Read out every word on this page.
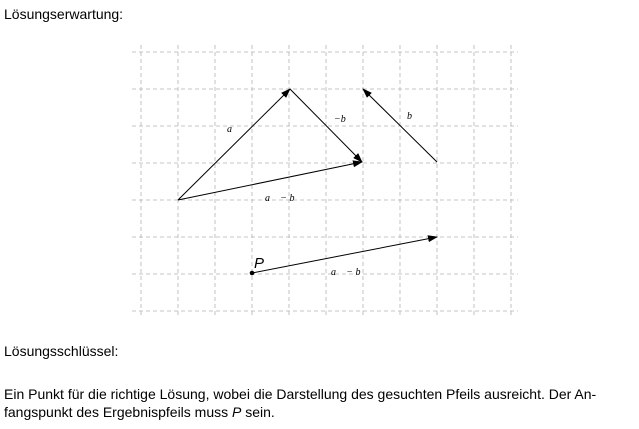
Lösungserwartung:
a⃗
−b⃗	b⃗
a⃗ − b⃗
a⃗ − b⃗
P
Lösungsschlüssel:
Ein Punkt für die richtige Lösung, wobei die Darstellung des gesuchten Pfeils ausreicht. Der An-
fangspunkt des Ergebnispfeils muss P sein.
